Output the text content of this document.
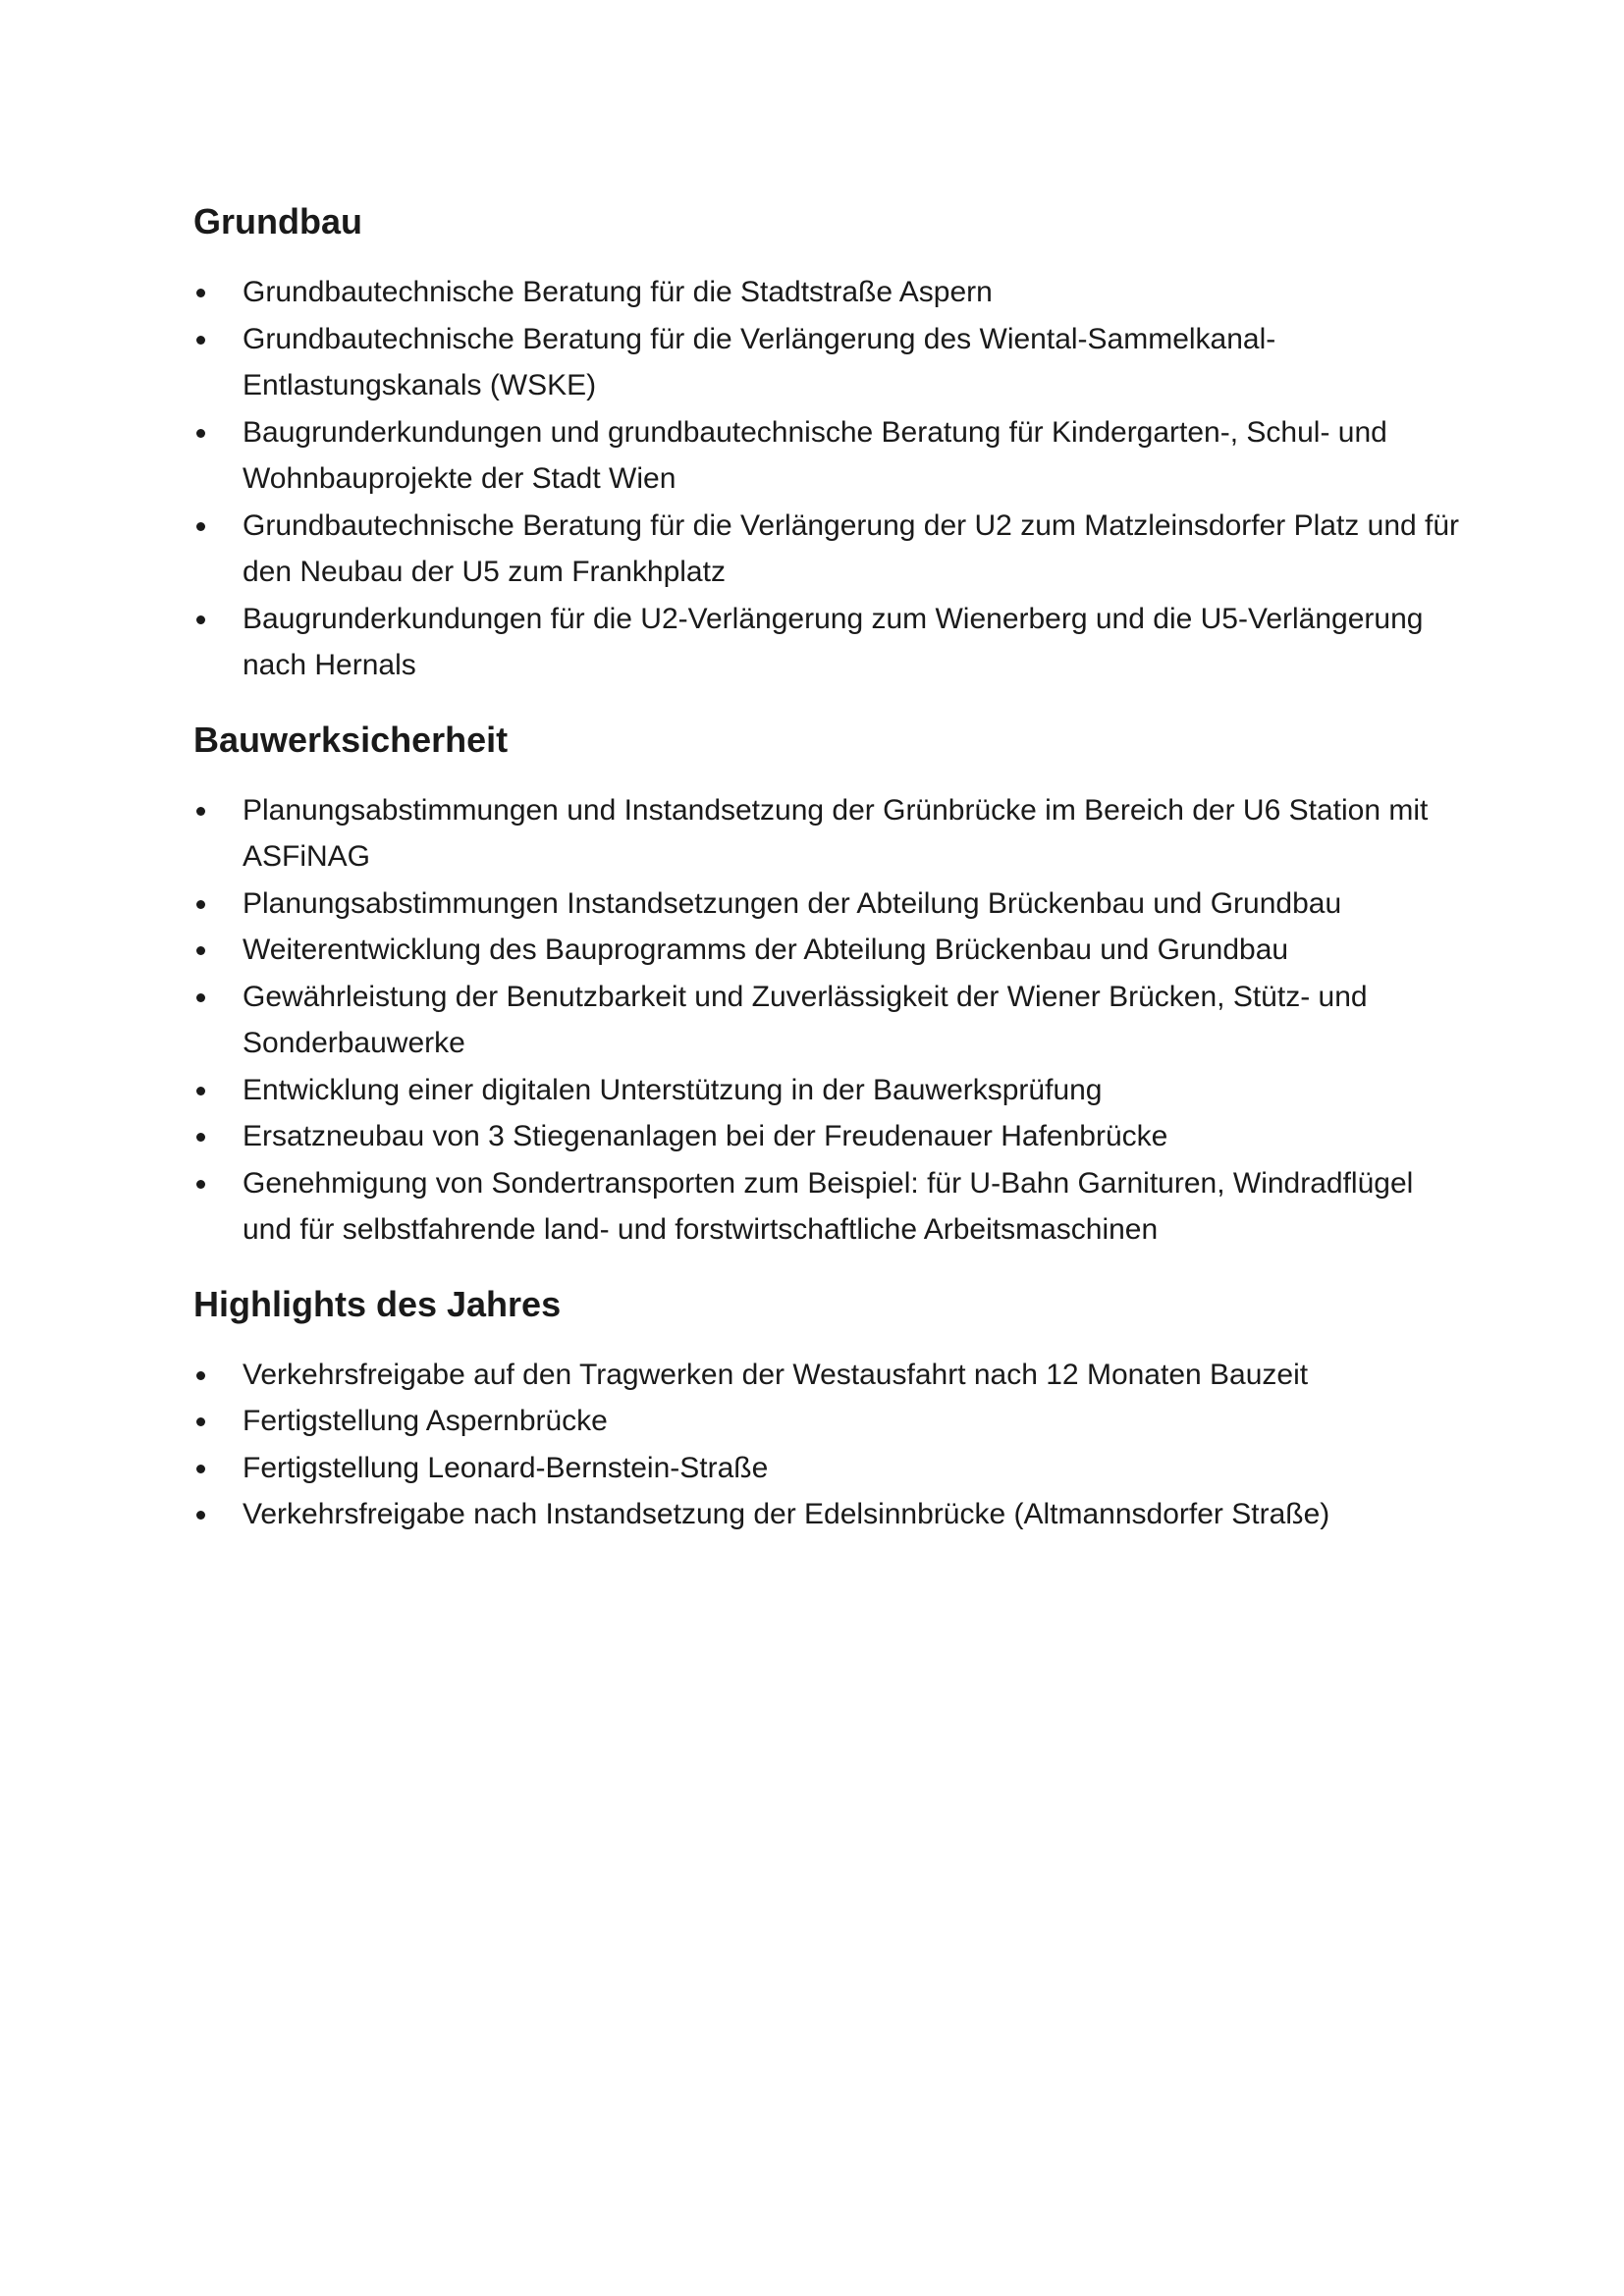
Grundbau
Grundbautechnische Beratung für die Stadtstraße Aspern
Grundbautechnische Beratung für die Verlängerung des Wiental-Sammelkanal-Entlastungskanals (WSKE)
Baugrunderkundungen und grundbautechnische Beratung für Kindergarten-, Schul- und Wohnbauprojekte der Stadt Wien
Grundbautechnische Beratung für die Verlängerung der U2 zum Matzleinsdorfer Platz und für den Neubau der U5 zum Frankhplatz
Baugrunderkundungen für die U2-Verlängerung zum Wienerberg und die U5-Verlängerung nach Hernals
Bauwerksicherheit
Planungsabstimmungen und Instandsetzung der Grünbrücke im Bereich der U6 Station mit ASFiNAG
Planungsabstimmungen Instandsetzungen der Abteilung Brückenbau und Grundbau
Weiterentwicklung des Bauprogramms der Abteilung Brückenbau und Grundbau
Gewährleistung der Benutzbarkeit und Zuverlässigkeit der Wiener Brücken, Stütz- und Sonderbauwerke
Entwicklung einer digitalen Unterstützung in der Bauwerksprüfung
Ersatzneubau von 3 Stiegenanlagen bei der Freudenauer Hafenbrücke
Genehmigung von Sondertransporten zum Beispiel: für U-Bahn Garnituren, Windradflügel und für selbstfahrende land- und forstwirtschaftliche Arbeitsmaschinen
Highlights des Jahres
Verkehrsfreigabe auf den Tragwerken der Westausfahrt nach 12 Monaten Bauzeit
Fertigstellung Aspernbrücke
Fertigstellung Leonard-Bernstein-Straße
Verkehrsfreigabe nach Instandsetzung der Edelsinnbrücke (Altmannsdorfer Straße)
